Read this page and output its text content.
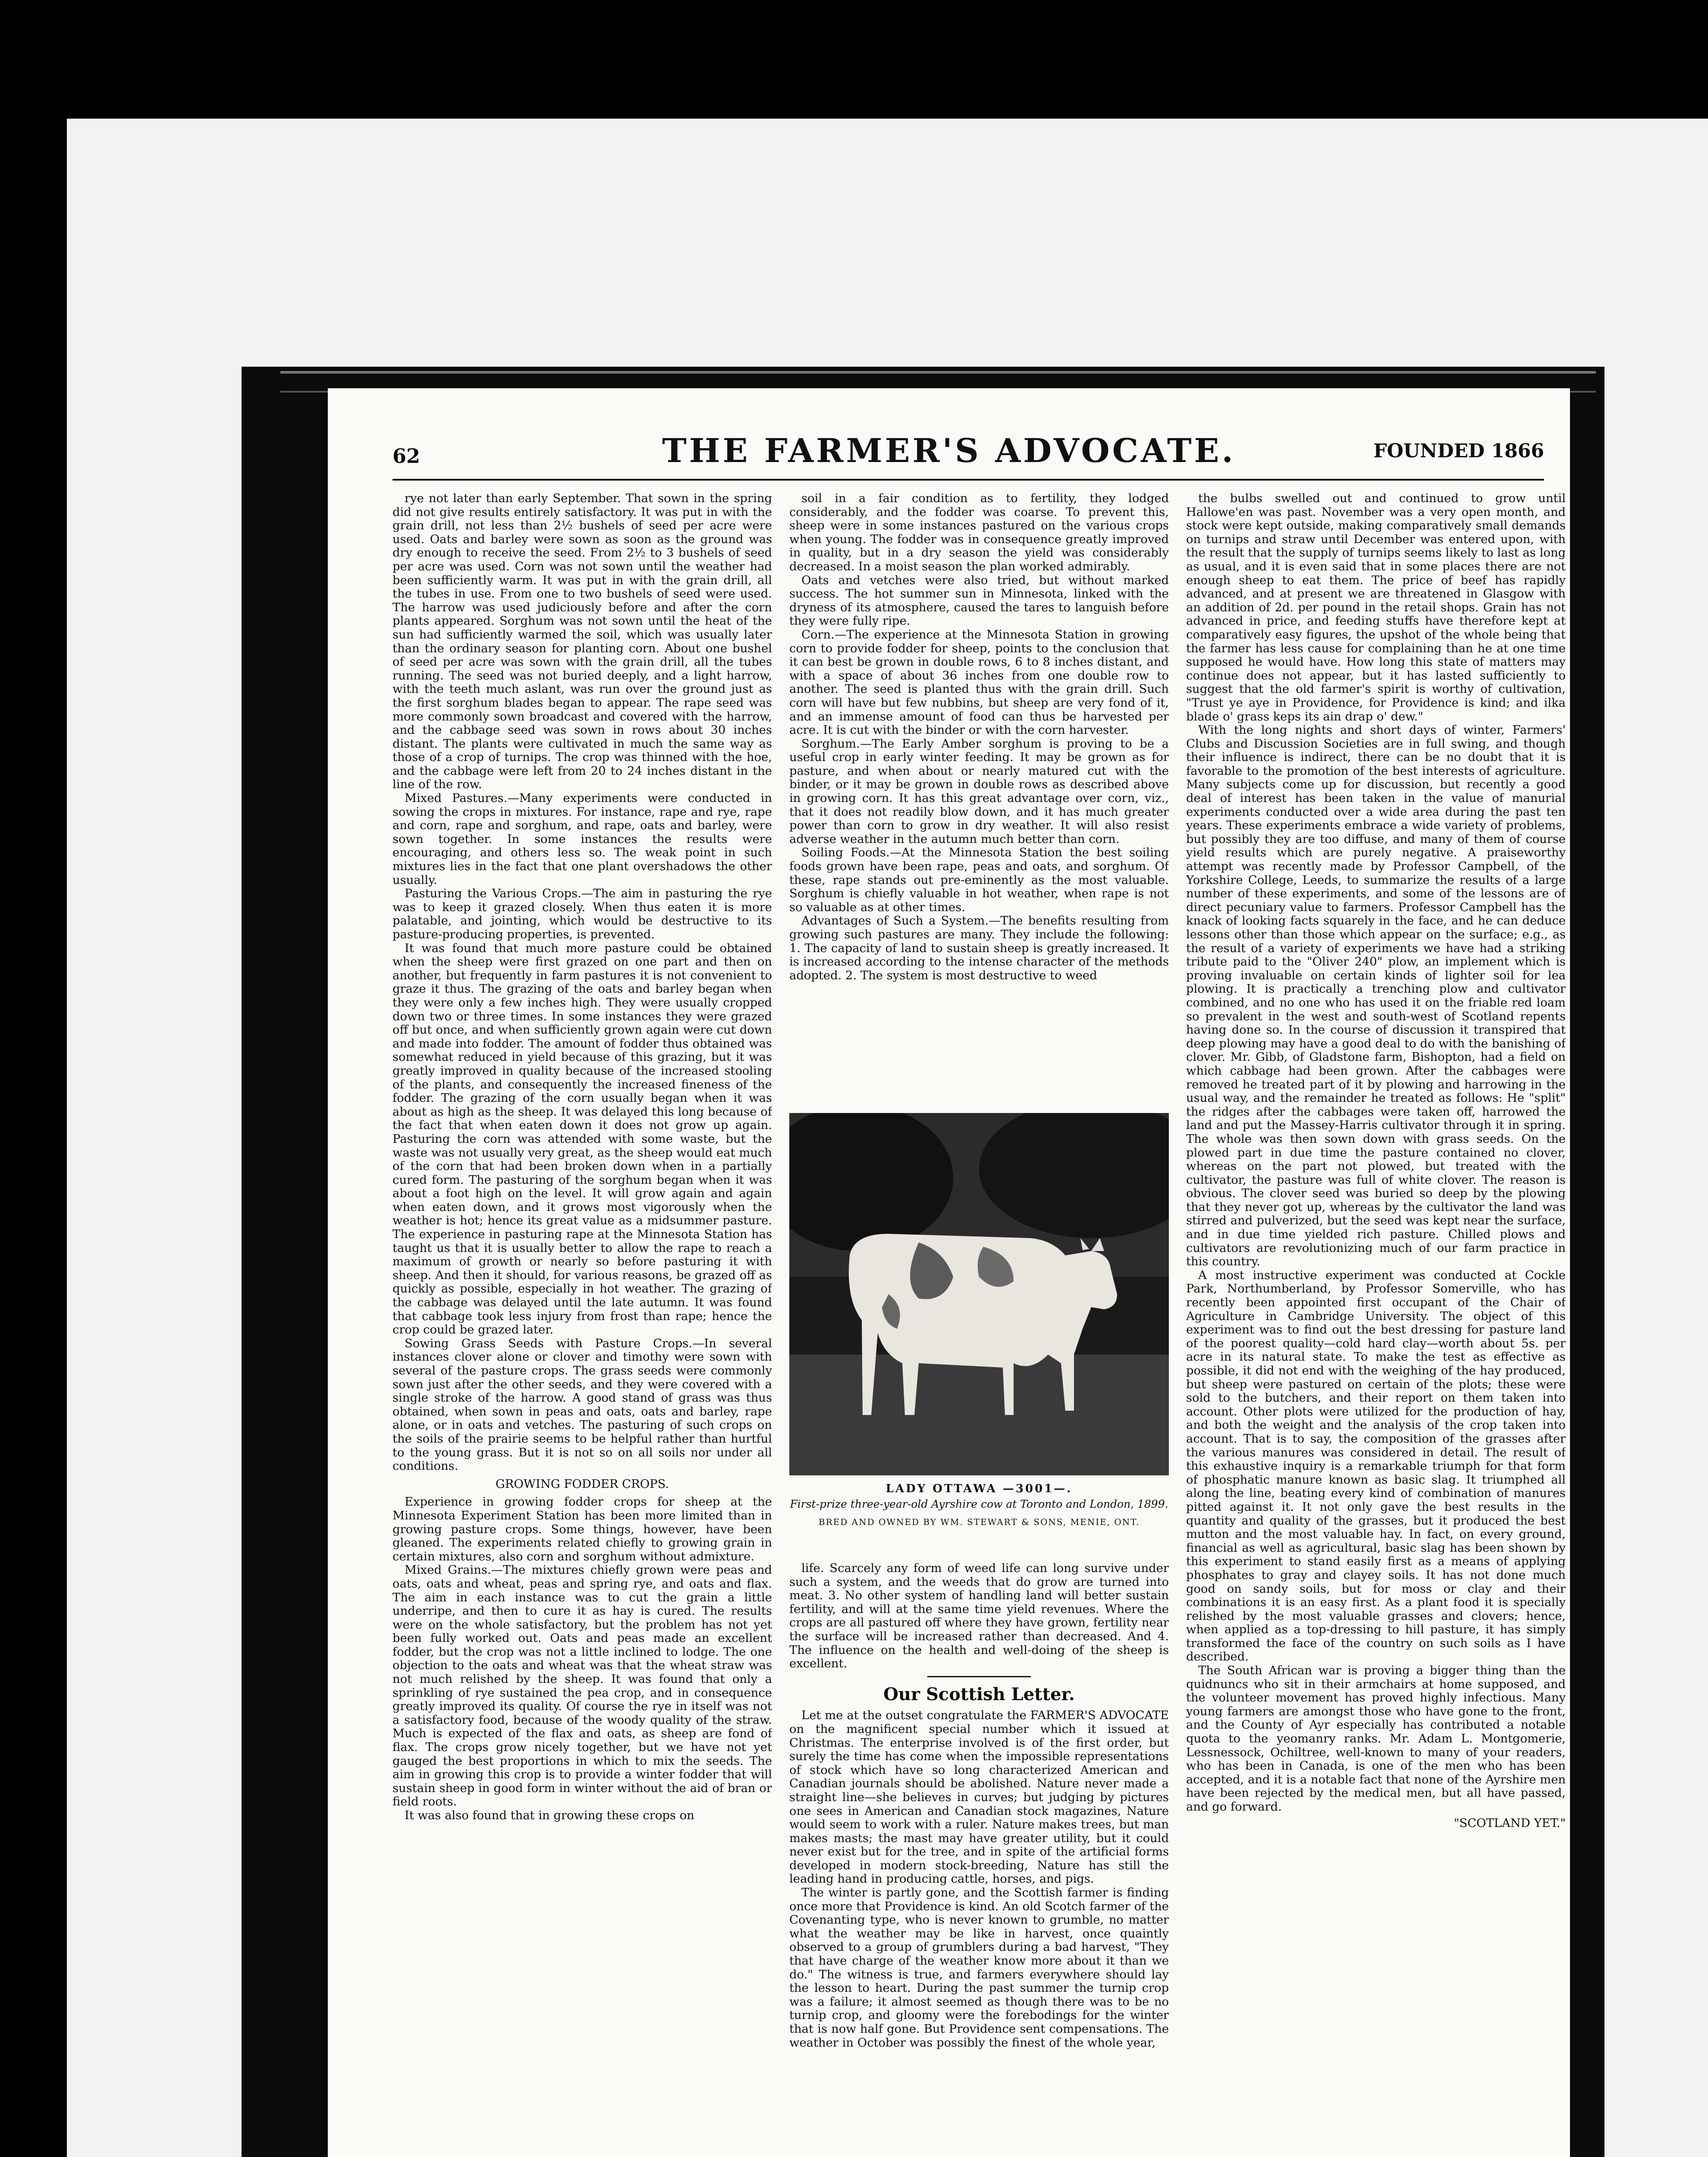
62	THE FARMER'S ADVOCATE.	FOUNDED 1866

rye not later than early September. That sown in the spring did not give results entirely satisfactory. It was put in with the grain drill, not less than 2½ bushels of seed per acre were used. Oats and barley were sown as soon as the ground was dry enough to receive the seed. From 2½ to 3 bushels of seed per acre was used. Corn was not sown until the weather had been sufficiently warm. It was put in with the grain drill, all the tubes in use. From one to two bushels of seed were used. The harrow was used judiciously before and after the corn plants appeared. Sorghum was not sown until the heat of the sun had sufficiently warmed the soil, which was usually later than the ordinary season for planting corn. About one bushel of seed per acre was sown with the grain drill, all the tubes running. The seed was not buried deeply, and a light harrow, with the teeth much aslant, was run over the ground just as the first sorghum blades began to appear. The rape seed was more commonly sown broadcast and covered with the harrow, and the cabbage seed was sown in rows about 30 inches distant. The plants were cultivated in much the same way as those of a crop of turnips. The crop was thinned with the hoe, and the cabbage were left from 20 to 24 inches distant in the line of the row.

Mixed Pastures.—Many experiments were conducted in sowing the crops in mixtures. For instance, rape and rye, rape and corn, rape and sorghum, and rape, oats and barley, were sown together. In some instances the results were encouraging, and others less so. The weak point in such mixtures lies in the fact that one plant overshadows the other usually.

Pasturing the Various Crops.—The aim in pasturing the rye was to keep it grazed closely. When thus eaten it is more palatable, and jointing, which would be destructive to its pasture-producing properties, is prevented.

It was found that much more pasture could be obtained when the sheep were first grazed on one part and then on another, but frequently in farm pastures it is not convenient to graze it thus. The grazing of the oats and barley began when they were only a few inches high. They were usually cropped down two or three times. In some instances they were grazed off but once, and when sufficiently grown again were cut down and made into fodder. The amount of fodder thus obtained was somewhat reduced in yield because of this grazing, but it was greatly improved in quality because of the increased stooling of the plants, and consequently the increased fineness of the fodder. The grazing of the corn usually began when it was about as high as the sheep. It was delayed this long because of the fact that when eaten down it does not grow up again. Pasturing the corn was attended with some waste, but the waste was not usually very great, as the sheep would eat much of the corn that had been broken down when in a partially cured form. The pasturing of the sorghum began when it was about a foot high on the level. It will grow again and again when eaten down, and it grows most vigorously when the weather is hot; hence its great value as a midsummer pasture. The experience in pasturing rape at the Minnesota Station has taught us that it is usually better to allow the rape to reach a maximum of growth or nearly so before pasturing it with sheep. And then it should, for various reasons, be grazed off as quickly as possible, especially in hot weather. The grazing of the cabbage was delayed until the late autumn. It was found that cabbage took less injury from frost than rape; hence the crop could be grazed later.

Sowing Grass Seeds with Pasture Crops.—In several instances clover alone or clover and timothy were sown with several of the pasture crops. The grass seeds were commonly sown just after the other seeds, and they were covered with a single stroke of the harrow. A good stand of grass was thus obtained, when sown in peas and oats, oats and barley, rape alone, or in oats and vetches. The pasturing of such crops on the soils of the prairie seems to be helpful rather than hurtful to the young grass. But it is not so on all soils nor under all conditions.

GROWING FODDER CROPS.

Experience in growing fodder crops for sheep at the Minnesota Experiment Station has been more limited than in growing pasture crops. Some things, however, have been gleaned. The experiments related chiefly to growing grain in certain mixtures, also corn and sorghum without admixture.

Mixed Grains.—The mixtures chiefly grown were peas and oats, oats and wheat, peas and spring rye, and oats and flax. The aim in each instance was to cut the grain a little underripe, and then to cure it as hay is cured. The results were on the whole satisfactory, but the problem has not yet been fully worked out. Oats and peas made an excellent fodder, but the crop was not a little inclined to lodge. The one objection to the oats and wheat was that the wheat straw was not much relished by the sheep. It was found that only a sprinkling of rye sustained the pea crop, and in consequence greatly improved its quality. Of course the rye in itself was not a satisfactory food, because of the woody quality of the straw. Much is expected of the flax and oats, as sheep are fond of flax. The crops grow nicely together, but we have not yet gauged the best proportions in which to mix the seeds. The aim in growing this crop is to provide a winter fodder that will sustain sheep in good form in winter without the aid of bran or field roots.

It was also found that in growing these crops on

soil in a fair condition as to fertility, they lodged considerably, and the fodder was coarse. To prevent this, sheep were in some instances pastured on the various crops when young. The fodder was in consequence greatly improved in quality, but in a dry season the yield was considerably decreased. In a moist season the plan worked admirably.

Oats and vetches were also tried, but without marked success. The hot summer sun in Minnesota, linked with the dryness of its atmosphere, caused the tares to languish before they were fully ripe.

Corn.—The experience at the Minnesota Station in growing corn to provide fodder for sheep, points to the conclusion that it can best be grown in double rows, 6 to 8 inches distant, and with a space of about 36 inches from one double row to another. The seed is planted thus with the grain drill. Such corn will have but few nubbins, but sheep are very fond of it, and an immense amount of food can thus be harvested per acre. It is cut with the binder or with the corn harvester.

Sorghum.—The Early Amber sorghum is proving to be a useful crop in early winter feeding. It may be grown as for pasture, and when about or nearly matured cut with the binder, or it may be grown in double rows as described above in growing corn. It has this great advantage over corn, viz., that it does not readily blow down, and it has much greater power than corn to grow in dry weather. It will also resist adverse weather in the autumn much better than corn.

Soiling Foods.—At the Minnesota Station the best soiling foods grown have been rape, peas and oats, and sorghum. Of these, rape stands out pre-eminently as the most valuable. Sorghum is chiefly valuable in hot weather, when rape is not so valuable as at other times.

Advantages of Such a System.—The benefits resulting from growing such pastures are many. They include the following: 1. The capacity of land to sustain sheep is greatly increased. It is increased according to the intense character of the methods adopted. 2. The system is most destructive to weed

LADY OTTAWA —3001—.
First-prize three-year-old Ayrshire cow at Toronto and London, 1899.
BRED AND OWNED BY WM. STEWART & SONS, MENIE, ONT.

life. Scarcely any form of weed life can long survive under such a system, and the weeds that do grow are turned into meat. 3. No other system of handling land will better sustain fertility, and will at the same time yield revenues. Where the crops are all pastured off where they have grown, fertility near the surface will be increased rather than decreased. And 4. The influence on the health and well-doing of the sheep is excellent.

Our Scottish Letter.

Let me at the outset congratulate the FARMER'S ADVOCATE on the magnificent special number which it issued at Christmas. The enterprise involved is of the first order, but surely the time has come when the impossible representations of stock which have so long characterized American and Canadian journals should be abolished. Nature never made a straight line—she believes in curves; but judging by pictures one sees in American and Canadian stock magazines, Nature would seem to work with a ruler. Nature makes trees, but man makes masts; the mast may have greater utility, but it could never exist but for the tree, and in spite of the artificial forms developed in modern stock-breeding, Nature has still the leading hand in producing cattle, horses, and pigs.

The winter is partly gone, and the Scottish farmer is finding once more that Providence is kind. An old Scotch farmer of the Covenanting type, who is never known to grumble, no matter what the weather may be like in harvest, once quaintly observed to a group of grumblers during a bad harvest, "They that have charge of the weather know more about it than we do." The witness is true, and farmers everywhere should lay the lesson to heart. During the past summer the turnip crop was a failure; it almost seemed as though there was to be no turnip crop, and gloomy were the forebodings for the winter that is now half gone. But Providence sent compensations. The weather in October was possibly the finest of the whole year,

the bulbs swelled out and continued to grow until Hallowe'en was past. November was a very open month, and stock were kept outside, making comparatively small demands on turnips and straw until December was entered upon, with the result that the supply of turnips seems likely to last as long as usual, and it is even said that in some places there are not enough sheep to eat them. The price of beef has rapidly advanced, and at present we are threatened in Glasgow with an addition of 2d. per pound in the retail shops. Grain has not advanced in price, and feeding stuffs have therefore kept at comparatively easy figures, the upshot of the whole being that the farmer has less cause for complaining than he at one time supposed he would have. How long this state of matters may continue does not appear, but it has lasted sufficiently to suggest that the old farmer's spirit is worthy of cultivation, "Trust ye aye in Providence, for Providence is kind; and ilka blade o' grass keps its ain drap o' dew."

With the long nights and short days of winter, Farmers' Clubs and Discussion Societies are in full swing, and though their influence is indirect, there can be no doubt that it is favorable to the promotion of the best interests of agriculture. Many subjects come up for discussion, but recently a good deal of interest has been taken in the value of manurial experiments conducted over a wide area during the past ten years. These experiments embrace a wide variety of problems, but possibly they are too diffuse, and many of them of course yield results which are purely negative. A praiseworthy attempt was recently made by Professor Campbell, of the Yorkshire College, Leeds, to summarize the results of a large number of these experiments, and some of the lessons are of direct pecuniary value to farmers. Professor Campbell has the knack of looking facts squarely in the face, and he can deduce lessons other than those which appear on the surface; e.g., as the result of a variety of experiments we have had a striking tribute paid to the "Oliver 240" plow, an implement which is proving invaluable on certain kinds of lighter soil for lea plowing. It is practically a trenching plow and cultivator combined, and no one who has used it on the friable red loam so prevalent in the west and south-west of Scotland repents having done so. In the course of discussion it transpired that deep plowing may have a good deal to do with the banishing of clover. Mr. Gibb, of Gladstone farm, Bishopton, had a field on which cabbage had been grown. After the cabbages were removed he treated part of it by plowing and harrowing in the usual way, and the remainder he treated as follows: He "split" the ridges after the cabbages were taken off, harrowed the land and put the Massey-Harris cultivator through it in spring. The whole was then sown down with grass seeds. On the plowed part in due time the pasture contained no clover, whereas on the part not plowed, but treated with the cultivator, the pasture was full of white clover. The reason is obvious. The clover seed was buried so deep by the plowing that they never got up, whereas by the cultivator the land was stirred and pulverized, but the seed was kept near the surface, and in due time yielded rich pasture. Chilled plows and cultivators are revolutionizing much of our farm practice in this country.

A most instructive experiment was conducted at Cockle Park, Northumberland, by Professor Somerville, who has recently been appointed first occupant of the Chair of Agriculture in Cambridge University. The object of this experiment was to find out the best dressing for pasture land of the poorest quality—cold hard clay—worth about 5s. per acre in its natural state. To make the test as effective as possible, it did not end with the weighing of the hay produced, but sheep were pastured on certain of the plots; these were sold to the butchers, and their report on them taken into account. Other plots were utilized for the production of hay, and both the weight and the analysis of the crop taken into account. That is to say, the composition of the grasses after the various manures was considered in detail. The result of this exhaustive inquiry is a remarkable triumph for that form of phosphatic manure known as basic slag. It triumphed all along the line, beating every kind of combination of manures pitted against it. It not only gave the best results in the quantity and quality of the grasses, but it produced the best mutton and the most valuable hay. In fact, on every ground, financial as well as agricultural, basic slag has been shown by this experiment to stand easily first as a means of applying phosphates to gray and clayey soils. It has not done much good on sandy soils, but for moss or clay and their combinations it is an easy first. As a plant food it is specially relished by the most valuable grasses and clovers; hence, when applied as a top-dressing to hill pasture, it has simply transformed the face of the country on such soils as I have described.

The South African war is proving a bigger thing than the quidnuncs who sit in their armchairs at home supposed, and the volunteer movement has proved highly infectious. Many young farmers are amongst those who have gone to the front, and the County of Ayr especially has contributed a notable quota to the yeomanry ranks. Mr. Adam L. Montgomerie, Lessnessock, Ochiltree, well-known to many of your readers, who has been in Canada, is one of the men who has been accepted, and it is a notable fact that none of the Ayrshire men have been rejected by the medical men, but all have passed, and go forward.

"SCOTLAND YET."
